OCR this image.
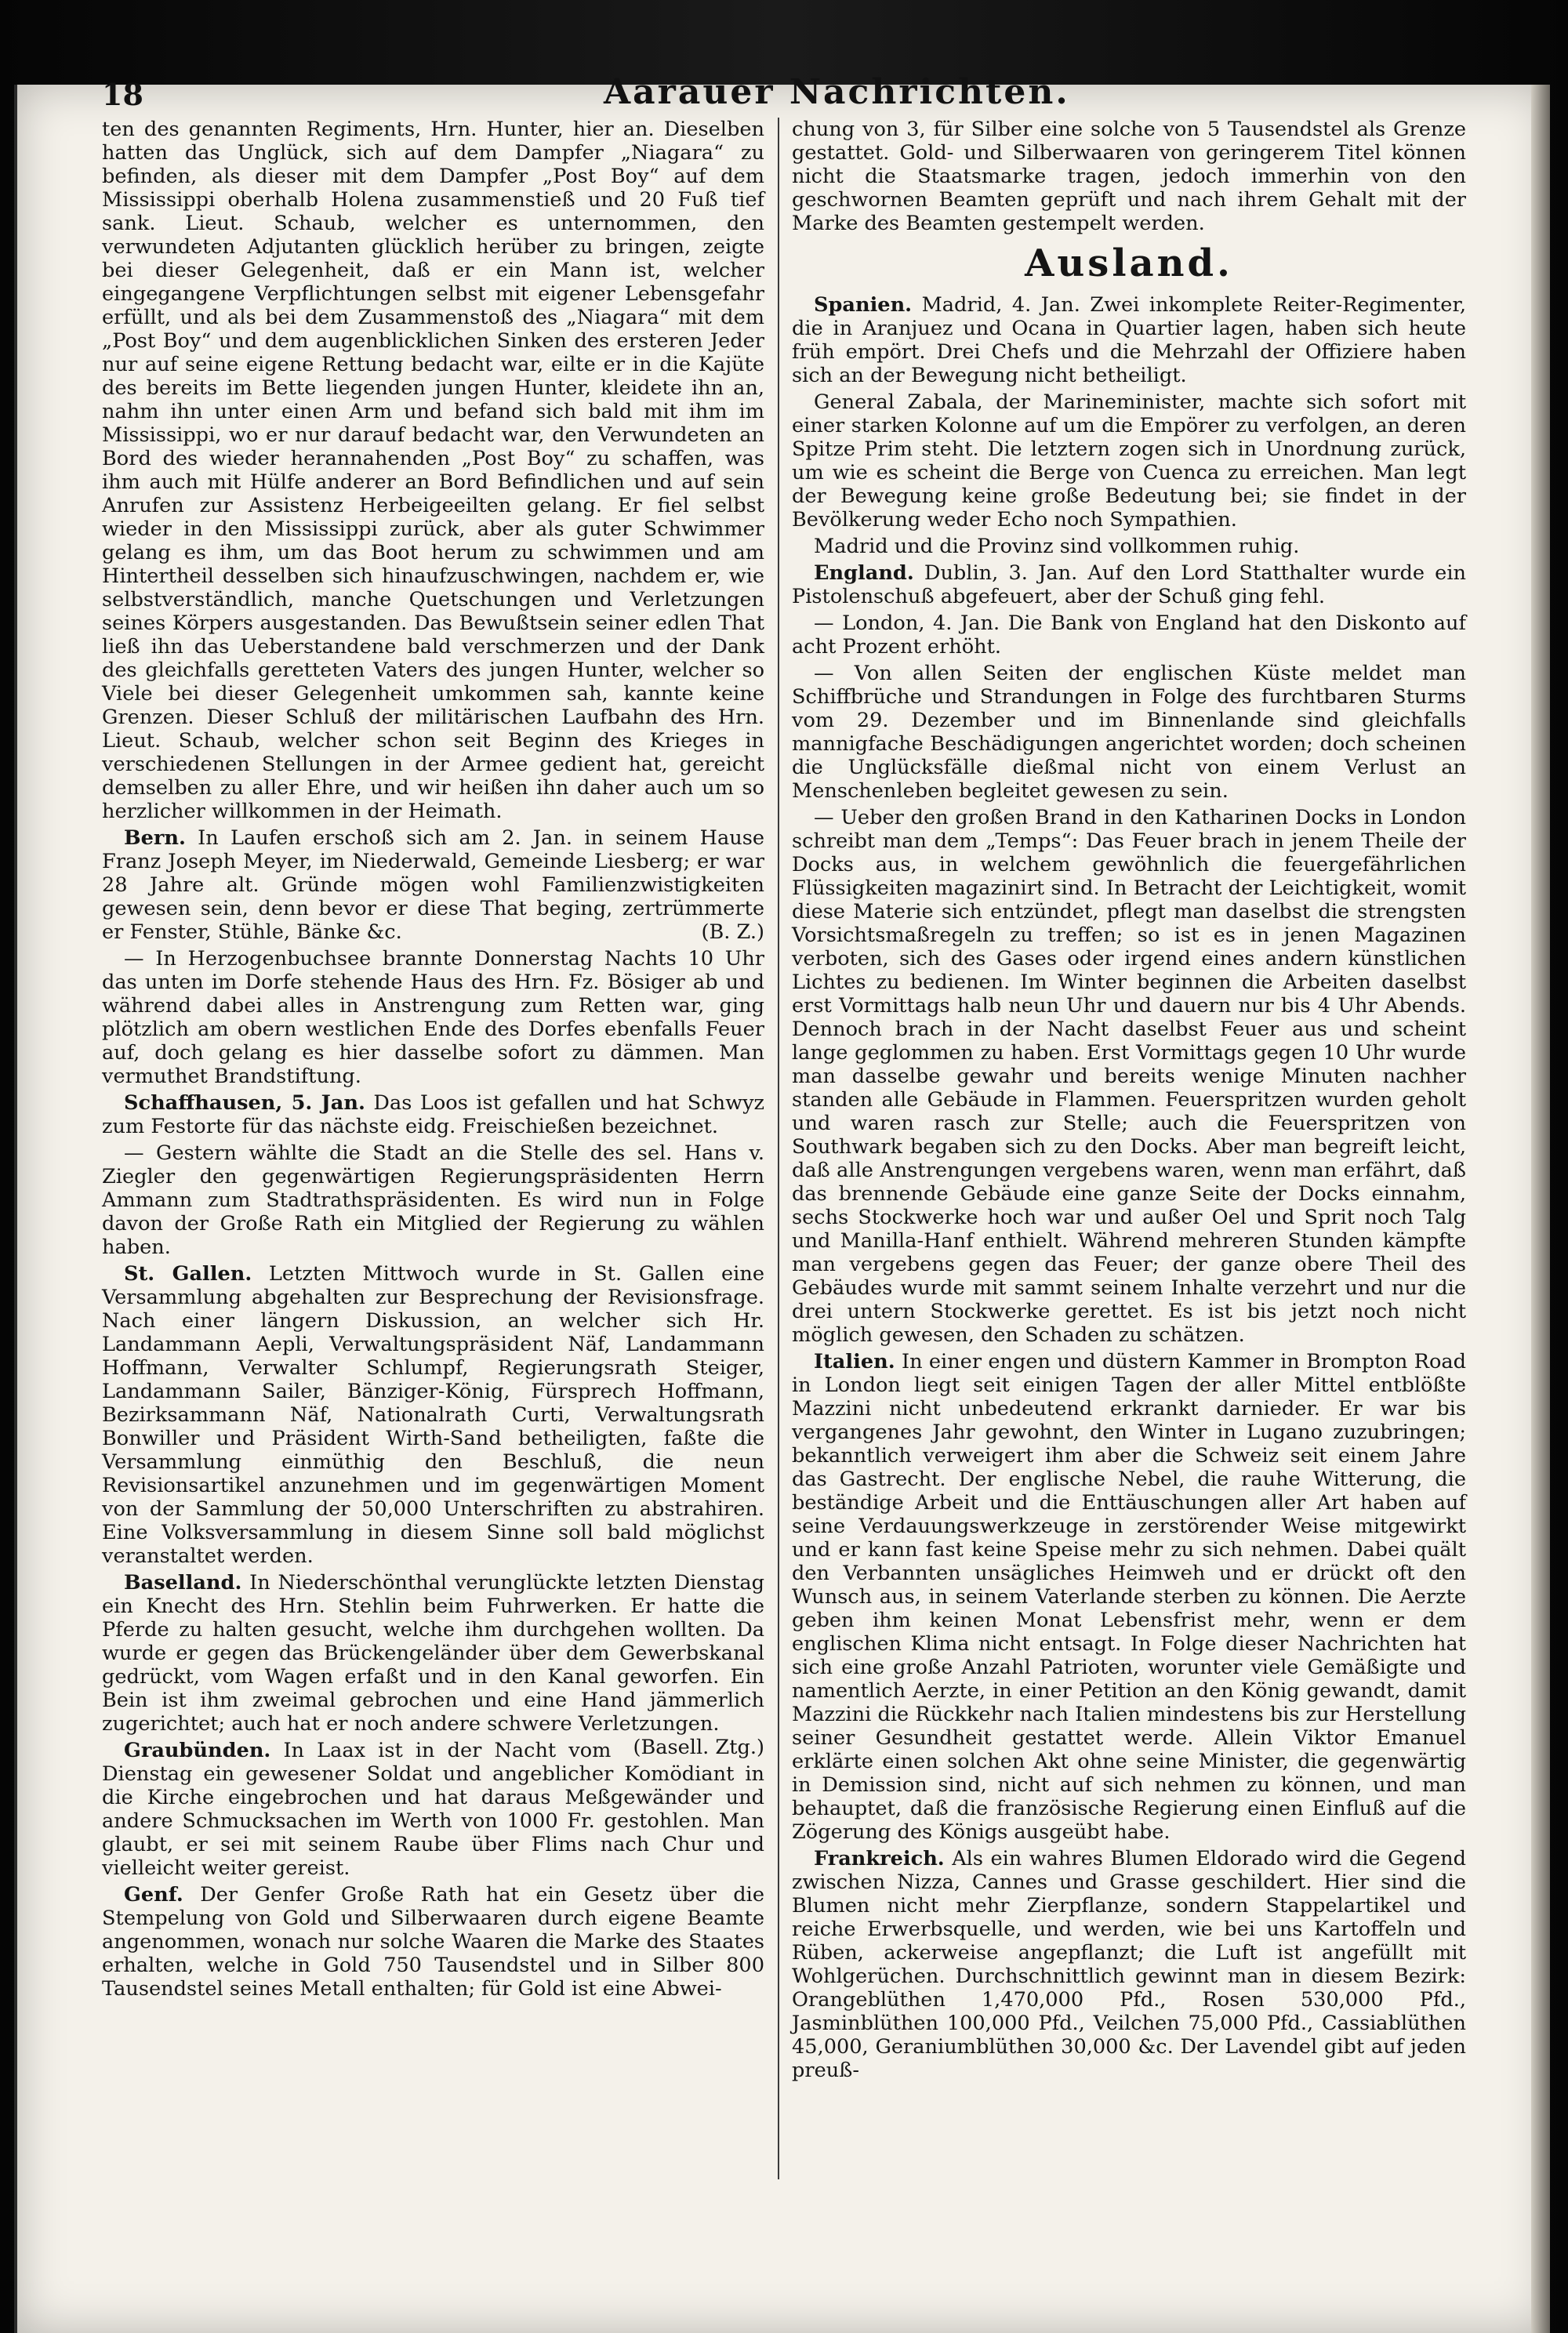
18	Aarauer Nachrichten.

ten des genannten Regiments, Hrn. Hunter, hier an. Dieselben hatten das Unglück, sich auf dem Dampfer „Niagara“ zu befinden, als dieser mit dem Dampfer „Post Boy“ auf dem Mississippi oberhalb Holena zusammenstieß und 20 Fuß tief sank. Lieut. Schaub, welcher es unternommen, den verwundeten Adjutanten glücklich herüber zu bringen, zeigte bei dieser Gelegenheit, daß er ein Mann ist, welcher eingegangene Verpflichtungen selbst mit eigener Lebensgefahr erfüllt, und als bei dem Zusammenstoß des „Niagara“ mit dem „Post Boy“ und dem augenblicklichen Sinken des ersteren Jeder nur auf seine eigene Rettung bedacht war, eilte er in die Kajüte des bereits im Bette liegenden jungen Hunter, kleidete ihn an, nahm ihn unter einen Arm und befand sich bald mit ihm im Mississippi, wo er nur darauf bedacht war, den Verwundeten an Bord des wieder herannahenden „Post Boy“ zu schaffen, was ihm auch mit Hülfe anderer an Bord Befindlichen und auf sein Anrufen zur Assistenz Herbeigeeilten gelang. Er fiel selbst wieder in den Mississippi zurück, aber als guter Schwimmer gelang es ihm, um das Boot herum zu schwimmen und am Hintertheil desselben sich hinaufzuschwingen, nachdem er, wie selbstverständlich, manche Quetschungen und Verletzungen seines Körpers ausgestanden. Das Bewußtsein seiner edlen That ließ ihn das Ueberstandene bald verschmerzen und der Dank des gleichfalls geretteten Vaters des jungen Hunter, welcher so Viele bei dieser Gelegenheit umkommen sah, kannte keine Grenzen. Dieser Schluß der militärischen Laufbahn des Hrn. Lieut. Schaub, welcher schon seit Beginn des Krieges in verschiedenen Stellungen in der Armee gedient hat, gereicht demselben zu aller Ehre, und wir heißen ihn daher auch um so herzlicher willkommen in der Heimath.

Bern. In Laufen erschoß sich am 2. Jan. in seinem Hause Franz Joseph Meyer, im Niederwald, Gemeinde Liesberg; er war 28 Jahre alt. Gründe mögen wohl Familienzwistigkeiten gewesen sein, denn bevor er diese That beging, zertrümmerte er Fenster, Stühle, Bänke &c.	(B. Z.)

— In Herzogenbuchsee brannte Donnerstag Nachts 10 Uhr das unten im Dorfe stehende Haus des Hrn. Fz. Bösiger ab und während dabei alles in Anstrengung zum Retten war, ging plötzlich am obern westlichen Ende des Dorfes ebenfalls Feuer auf, doch gelang es hier dasselbe sofort zu dämmen. Man vermuthet Brandstiftung.

Schaffhausen, 5. Jan. Das Loos ist gefallen und hat Schwyz zum Festorte für das nächste eidg. Freischießen bezeichnet.

— Gestern wählte die Stadt an die Stelle des sel. Hans v. Ziegler den gegenwärtigen Regierungspräsidenten Herrn Ammann zum Stadtrathspräsidenten. Es wird nun in Folge davon der Große Rath ein Mitglied der Regierung zu wählen haben.

St. Gallen. Letzten Mittwoch wurde in St. Gallen eine Versammlung abgehalten zur Besprechung der Revisionsfrage. Nach einer längern Diskussion, an welcher sich Hr. Landammann Aepli, Verwaltungspräsident Näf, Landammann Hoffmann, Verwalter Schlumpf, Regierungsrath Steiger, Landammann Sailer, Bänziger-König, Fürsprech Hoffmann, Bezirksammann Näf, Nationalrath Curti, Verwaltungsrath Bonwiller und Präsident Wirth-Sand betheiligten, faßte die Versammlung einmüthig den Beschluß, die neun Revisionsartikel anzunehmen und im gegenwärtigen Moment von der Sammlung der 50,000 Unterschriften zu abstrahiren. Eine Volksversammlung in diesem Sinne soll bald möglichst veranstaltet werden.

Baselland. In Niederschönthal verunglückte letzten Dienstag ein Knecht des Hrn. Stehlin beim Fuhrwerken. Er hatte die Pferde zu halten gesucht, welche ihm durchgehen wollten. Da wurde er gegen das Brückengeländer über dem Gewerbskanal gedrückt, vom Wagen erfaßt und in den Kanal geworfen. Ein Bein ist ihm zweimal gebrochen und eine Hand jämmerlich zugerichtet; auch hat er noch andere schwere Verletzungen.
(Basell. Ztg.)

Graubünden. In Laax ist in der Nacht vom Dienstag ein gewesener Soldat und angeblicher Komödiant in die Kirche eingebrochen und hat daraus Meßgewänder und andere Schmucksachen im Werth von 1000 Fr. gestohlen. Man glaubt, er sei mit seinem Raube über Flims nach Chur und vielleicht weiter gereist.

Genf. Der Genfer Große Rath hat ein Gesetz über die Stempelung von Gold und Silberwaaren durch eigene Beamte angenommen, wonach nur solche Waaren die Marke des Staates erhalten, welche in Gold 750 Tausendstel und in Silber 800 Tausendstel seines Metall enthalten; für Gold ist eine Abwei-

chung von 3, für Silber eine solche von 5 Tausendstel als Grenze gestattet. Gold- und Silberwaaren von geringerem Titel können nicht die Staatsmarke tragen, jedoch immerhin von den geschwornen Beamten geprüft und nach ihrem Gehalt mit der Marke des Beamten gestempelt werden.

Ausland.

Spanien. Madrid, 4. Jan. Zwei inkomplete Reiter-Regimenter, die in Aranjuez und Ocana in Quartier lagen, haben sich heute früh empört. Drei Chefs und die Mehrzahl der Offiziere haben sich an der Bewegung nicht betheiligt.

General Zabala, der Marineminister, machte sich sofort mit einer starken Kolonne auf um die Empörer zu verfolgen, an deren Spitze Prim steht. Die letztern zogen sich in Unordnung zurück, um wie es scheint die Berge von Cuenca zu erreichen. Man legt der Bewegung keine große Bedeutung bei; sie findet in der Bevölkerung weder Echo noch Sympathien.

Madrid und die Provinz sind vollkommen ruhig.

England. Dublin, 3. Jan. Auf den Lord Statthalter wurde ein Pistolenschuß abgefeuert, aber der Schuß ging fehl.

— London, 4. Jan. Die Bank von England hat den Diskonto auf acht Prozent erhöht.

— Von allen Seiten der englischen Küste meldet man Schiffbrüche und Strandungen in Folge des furchtbaren Sturms vom 29. Dezember und im Binnenlande sind gleichfalls mannigfache Beschädigungen angerichtet worden; doch scheinen die Unglücksfälle dießmal nicht von einem Verlust an Menschenleben begleitet gewesen zu sein.

— Ueber den großen Brand in den Katharinen Docks in London schreibt man dem „Temps“: Das Feuer brach in jenem Theile der Docks aus, in welchem gewöhnlich die feuergefährlichen Flüssigkeiten magazinirt sind. In Betracht der Leichtigkeit, womit diese Materie sich entzündet, pflegt man daselbst die strengsten Vorsichtsmaßregeln zu treffen; so ist es in jenen Magazinen verboten, sich des Gases oder irgend eines andern künstlichen Lichtes zu bedienen. Im Winter beginnen die Arbeiten daselbst erst Vormittags halb neun Uhr und dauern nur bis 4 Uhr Abends. Dennoch brach in der Nacht daselbst Feuer aus und scheint lange geglommen zu haben. Erst Vormittags gegen 10 Uhr wurde man dasselbe gewahr und bereits wenige Minuten nachher standen alle Gebäude in Flammen. Feuerspritzen wurden geholt und waren rasch zur Stelle; auch die Feuerspritzen von Southwark begaben sich zu den Docks. Aber man begreift leicht, daß alle Anstrengungen vergebens waren, wenn man erfährt, daß das brennende Gebäude eine ganze Seite der Docks einnahm, sechs Stockwerke hoch war und außer Oel und Sprit noch Talg und Manilla-Hanf enthielt. Während mehreren Stunden kämpfte man vergebens gegen das Feuer; der ganze obere Theil des Gebäudes wurde mit sammt seinem Inhalte verzehrt und nur die drei untern Stockwerke gerettet. Es ist bis jetzt noch nicht möglich gewesen, den Schaden zu schätzen.

Italien. In einer engen und düstern Kammer in Brompton Road in London liegt seit einigen Tagen der aller Mittel entblößte Mazzini nicht unbedeutend erkrankt darnieder. Er war bis vergangenes Jahr gewohnt, den Winter in Lugano zuzubringen; bekanntlich verweigert ihm aber die Schweiz seit einem Jahre das Gastrecht. Der englische Nebel, die rauhe Witterung, die beständige Arbeit und die Enttäuschungen aller Art haben auf seine Verdauungswerkzeuge in zerstörender Weise mitgewirkt und er kann fast keine Speise mehr zu sich nehmen. Dabei quält den Verbannten unsägliches Heimweh und er drückt oft den Wunsch aus, in seinem Vaterlande sterben zu können. Die Aerzte geben ihm keinen Monat Lebensfrist mehr, wenn er dem englischen Klima nicht entsagt. In Folge dieser Nachrichten hat sich eine große Anzahl Patrioten, worunter viele Gemäßigte und namentlich Aerzte, in einer Petition an den König gewandt, damit Mazzini die Rückkehr nach Italien mindestens bis zur Herstellung seiner Gesundheit gestattet werde. Allein Viktor Emanuel erklärte einen solchen Akt ohne seine Minister, die gegenwärtig in Demission sind, nicht auf sich nehmen zu können, und man behauptet, daß die französische Regierung einen Einfluß auf die Zögerung des Königs ausgeübt habe.

Frankreich. Als ein wahres Blumen Eldorado wird die Gegend zwischen Nizza, Cannes und Grasse geschildert. Hier sind die Blumen nicht mehr Zierpflanze, sondern Stappelartikel und reiche Erwerbsquelle, und werden, wie bei uns Kartoffeln und Rüben, ackerweise angepflanzt; die Luft ist angefüllt mit Wohlgerüchen. Durchschnittlich gewinnt man in diesem Bezirk: Orangeblüthen 1,470,000 Pfd., Rosen 530,000 Pfd., Jasminblüthen 100,000 Pfd., Veilchen 75,000 Pfd., Cassiablüthen 45,000, Geraniumblüthen 30,000 &c. Der Lavendel gibt auf jeden preuß-
